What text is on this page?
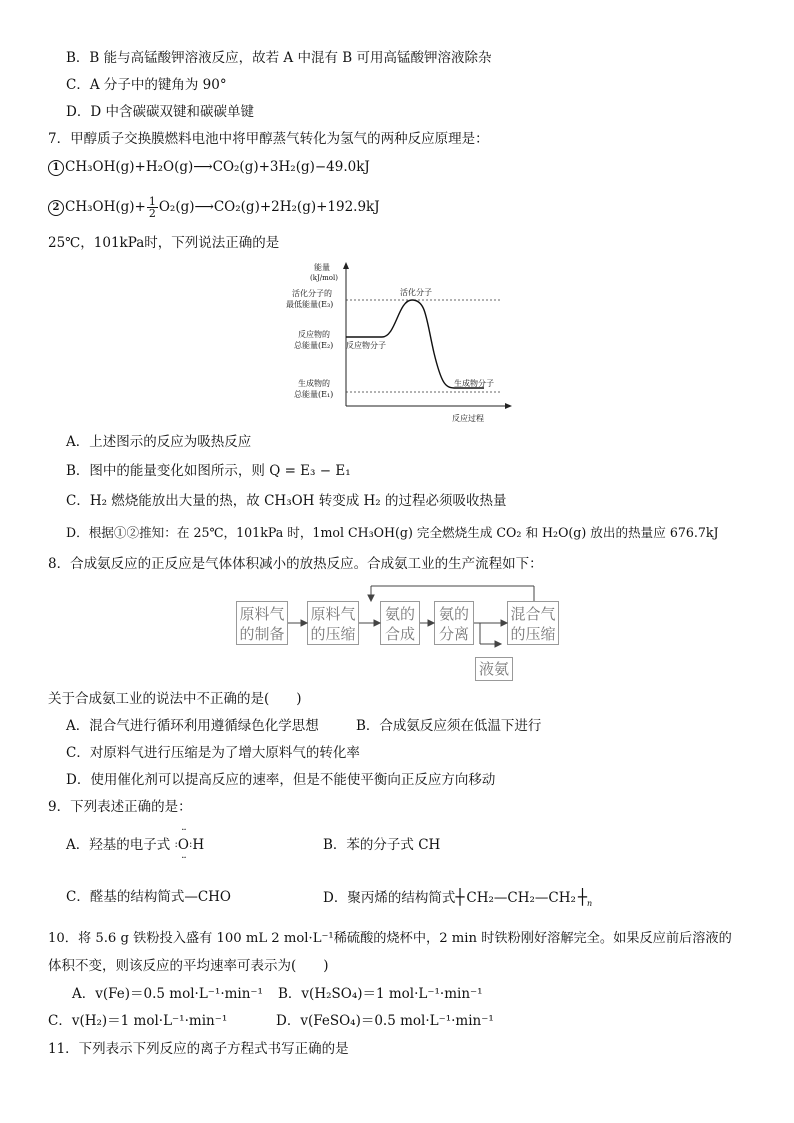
B．B 能与高锰酸钾溶液反应，故若 A 中混有 B 可用高锰酸钾溶液除杂
C．A 分子中的键角为 90°
D．D 中含碳碳双键和碳碳单键
7．甲醇质子交换膜燃料电池中将甲醇蒸气转化为氢气的两种反应原理是：
1 CH₃OH(g)+H₂O(g)⟶CO₂(g)+3H₂(g)−49.0kJ
2 $CH_3OH(g)+ \frac{1}{2}$ O₂(g)⟶CO₂(g)+2H₂(g)+192.9kJ
25℃，101kPa时，下列说法正确的是
能量
(kJ/mol)
活化分子的
最低能量(E₃)
反应物的
总能量(E₂)
生成物的
总能量(E₁)
活化分子
反应物分子
生成物分子
反应过程
A．上述图示的反应为吸热反应
B．图中的能量变化如图所示，则 Q = E₃ − E₁
C．H₂ 燃烧能放出大量的热，故 CH₃OH 转变成 H₂ 的过程必须吸收热量
D．根据①②推知：在 25℃，101kPa 时，1mol CH₃OH(g) 完全燃烧生成 CO₂ 和 H₂O(g) 放出的热量应 676.7kJ
8．合成氨反应的正反应是气体体积减小的放热反应。合成氨工业的生产流程如下：
原料气
的制备
原料气
的压缩
氨的
合成
氨的
分离
混合气
的压缩
液氨
关于合成氨工业的说法中不正确的是(　　)
A．混合气进行循环利用遵循绿色化学思想	B．合成氨反应须在低温下进行
C．对原料气进行压缩是为了增大原料气的转化率
D．使用催化剂可以提高反应的速率，但是不能使平衡向正反应方向移动
9．下列表述正确的是：
A．羟基的电子式
··
:O:
··
H	B．苯的分子式 CH
C．醛基的结构简式—CHO	D．聚丙烯的结构简式┼ CH₂—CH₂—CH₂ $┼_n$
10．将 5.6 g 铁粉投入盛有 100 mL 2 mol·L⁻¹稀硫酸的烧杯中，2 min 时铁粉刚好溶解完全。如果反应前后溶液的
体积不变，则该反应的平均速率可表示为(　　)
A．v(Fe)＝0.5 mol·L⁻¹·min⁻¹ B．v(H₂SO₄)＝1 mol·L⁻¹·min⁻¹
C．v(H₂)＝1 mol·L⁻¹·min⁻¹	D．v(FeSO₄)＝0.5 mol·L⁻¹·min⁻¹
11．下列表示下列反应的离子方程式书写正确的是
